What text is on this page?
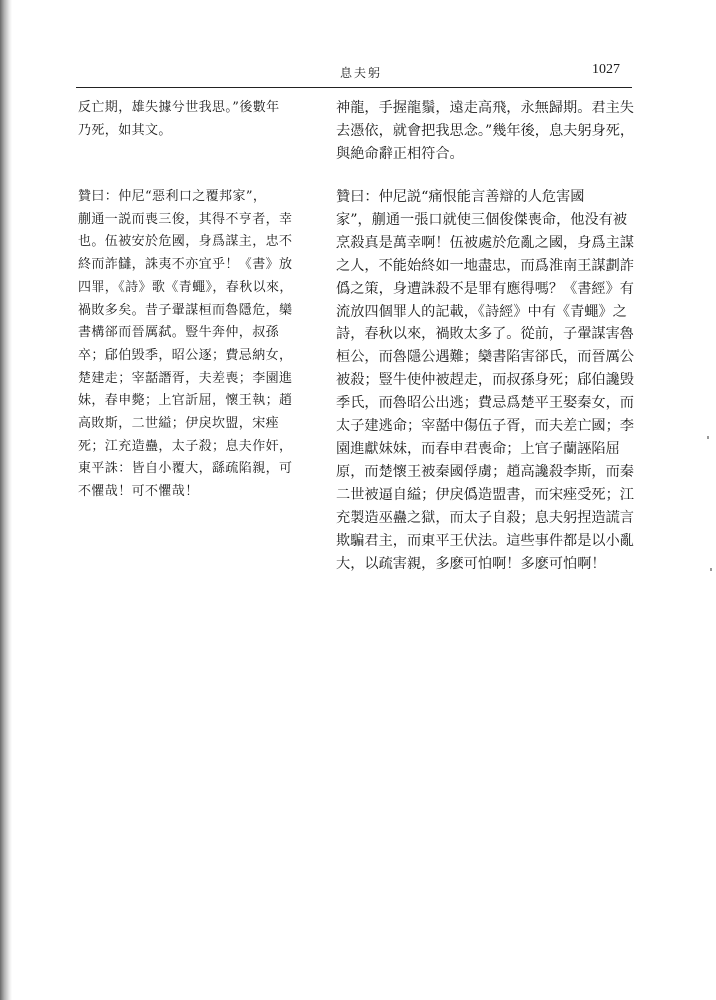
息夫躬	1027
反亡期，雄失據兮世我思。”後數年
乃死，如其文。
贊曰：仲尼“惡利口之覆邦家”，
蒯通一説而喪三俊，其得不亨者，幸
也。伍被安於危國，身爲謀主，忠不
終而詐讎，誅夷不亦宜乎！《書》放
四罪，《詩》歌《青蠅》，春秋以來，
禍敗多矣。昔子翬謀桓而魯隱危，欒
書構郤而晉厲弑。豎牛奔仲，叔孫
卒；郈伯毁季，昭公逐；費忌納女，
楚建走；宰嚭譖胥，夫差喪；李園進
妹，春申斃；上官訢屈，懷王執；趙
高敗斯，二世縊；伊戾坎盟，宋痤
死；江充造蠱，太子殺；息夫作奸，
東平誅：皆自小覆大，繇疏陷親，可
不懼哉！可不懼哉！
神龍，手握龍鬚，遠走高飛，永無歸期。君主失
去憑依，就會把我思念。”幾年後，息夫躬身死，
與絶命辭正相符合。
贊曰：仲尼説“痛恨能言善辯的人危害國
家”，蒯通一張口就使三個俊傑喪命，他没有被
烹殺真是萬幸啊！伍被處於危亂之國，身爲主謀
之人，不能始終如一地盡忠，而爲淮南王謀劃詐
僞之策，身遭誅殺不是罪有應得嗎？《書經》有
流放四個罪人的記載，《詩經》中有《青蠅》之
詩，春秋以來，禍敗太多了。從前，子翬謀害魯
桓公，而魯隱公遇難；欒書陷害郤氏，而晉厲公
被殺；豎牛使仲被趕走，而叔孫身死；郈伯讒毁
季氏，而魯昭公出逃；費忌爲楚平王娶秦女，而
太子建逃命；宰嚭中傷伍子胥，而夫差亡國；李
園進獻妹妹，而春申君喪命；上官子蘭誣陷屈
原，而楚懷王被秦國俘虜；趙高讒殺李斯，而秦
二世被逼自縊；伊戾僞造盟書，而宋痤受死；江
充製造巫蠱之獄，而太子自殺；息夫躬捏造謊言
欺騙君主，而東平王伏法。這些事件都是以小亂
大，以疏害親，多麽可怕啊！多麽可怕啊！
